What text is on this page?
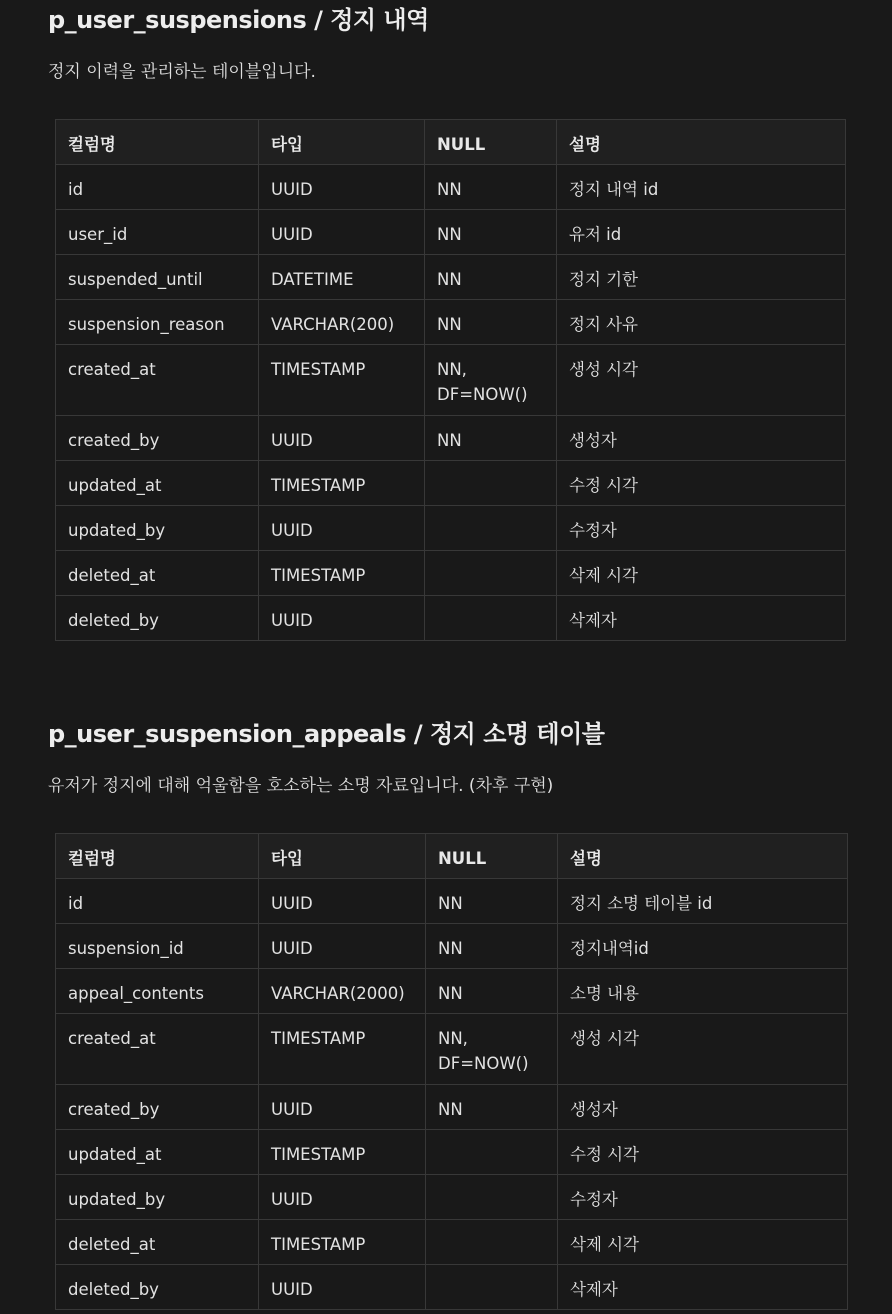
p_user_suspensions / 정지 내역

정지 이력을 관리하는 테이블입니다.

컬럼명	타입	NULL	설명
id	UUID	NN	정지 내역 id
user_id	UUID	NN	유저 id
suspended_until	DATETIME	NN	정지 기한
suspension_reason	VARCHAR(200)	NN	정지 사유
created_at	TIMESTAMP	NN,
DF=NOW()	생성 시각
created_by	UUID	NN	생성자
updated_at	TIMESTAMP		수정 시각
updated_by	UUID		수정자
deleted_at	TIMESTAMP		삭제 시각
deleted_by	UUID		삭제자
p_user_suspension_appeals / 정지 소명 테이블

유저가 정지에 대해 억울함을 호소하는 소명 자료입니다. (차후 구현)

컬럼명	타입	NULL	설명
id	UUID	NN	정지 소명 테이블 id
suspension_id	UUID	NN	정지내역id
appeal_contents	VARCHAR(2000)	NN	소명 내용
created_at	TIMESTAMP	NN,
DF=NOW()	생성 시각
created_by	UUID	NN	생성자
updated_at	TIMESTAMP		수정 시각
updated_by	UUID		수정자
deleted_at	TIMESTAMP		삭제 시각
deleted_by	UUID		삭제자
